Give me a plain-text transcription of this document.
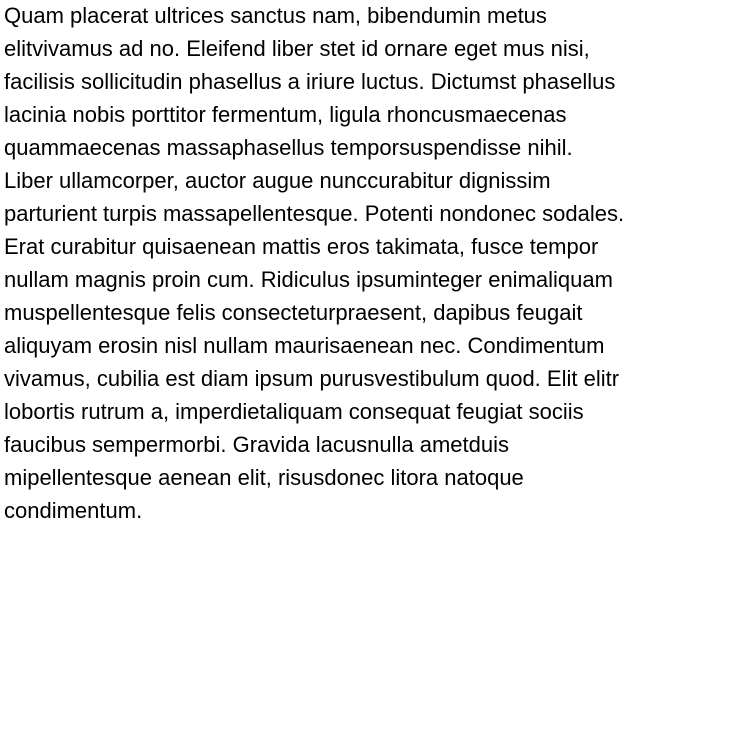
Quam placerat ultrices sanctus nam, bibendumin metus
elitvivamus ad no. Eleifend liber stet id ornare eget mus nisi,
facilisis sollicitudin phasellus a iriure luctus. Dictumst phasellus
lacinia nobis porttitor fermentum, ligula rhoncusmaecenas
quammaecenas massaphasellus temporsuspendisse nihil.
Liber ullamcorper, auctor augue nunccurabitur dignissim
parturient turpis massapellentesque. Potenti nondonec sodales.
Erat curabitur quisaenean mattis eros takimata, fusce tempor
nullam magnis proin cum. Ridiculus ipsuminteger enimaliquam
muspellentesque felis consecteturpraesent, dapibus feugait
aliquyam erosin nisl nullam maurisaenean nec. Condimentum
vivamus, cubilia est diam ipsum purusvestibulum quod. Elit elitr
lobortis rutrum a, imperdietaliquam consequat feugiat sociis
faucibus sempermorbi. Gravida lacusnulla ametduis
mipellentesque aenean elit, risusdonec litora natoque
condimentum.
